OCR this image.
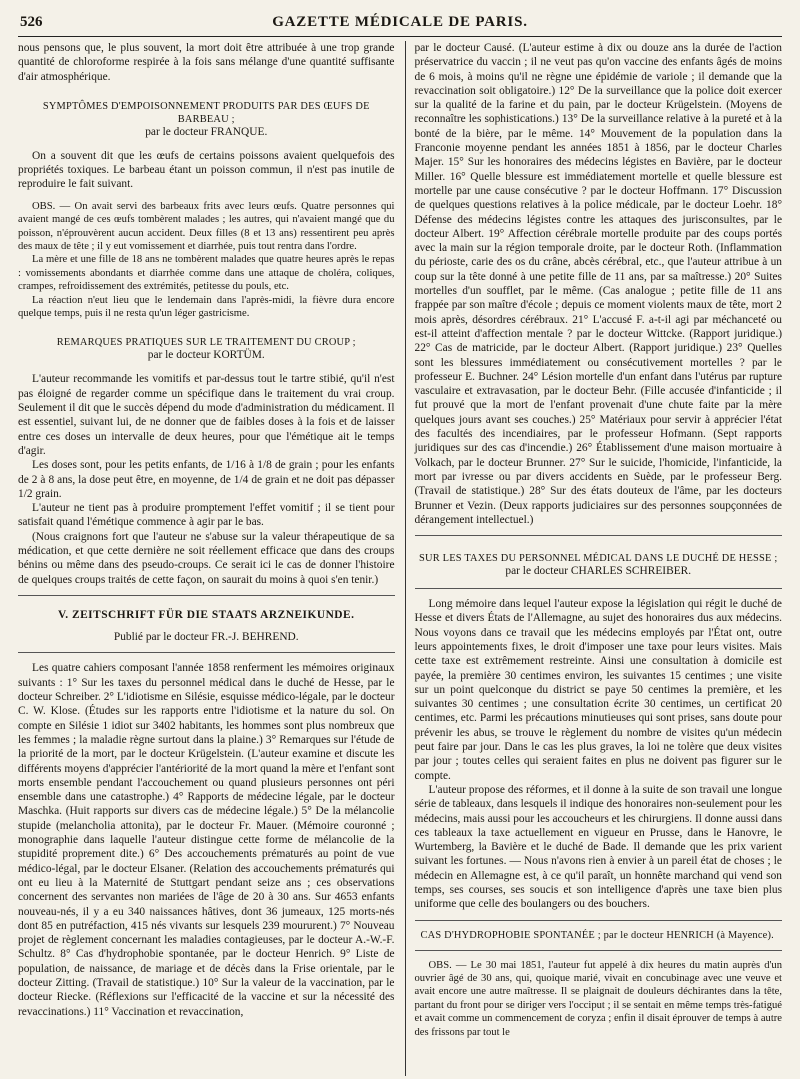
526	GAZETTE MÉDICALE DE PARIS.

nous pensons que, le plus souvent, la mort doit être attribuée à une trop grande quantité de chloroforme respirée à la fois sans mélange d'une quantité suffisante d'air atmosphérique.

SYMPTÔMES D'EMPOISONNEMENT PRODUITS PAR DES ŒUFS DE BARBEAU ;
par le docteur FRANQUE.

On a souvent dit que les œufs de certains poissons avaient quelquefois des propriétés toxiques. Le barbeau étant un poisson commun, il n'est pas inutile de reproduire le fait suivant.

OBS. — On avait servi des barbeaux frits avec leurs œufs. Quatre personnes qui avaient mangé de ces œufs tombèrent malades ; les autres, qui n'avaient mangé que du poisson, n'éprouvèrent aucun accident. Deux filles (8 et 13 ans) ressentirent peu après des maux de tête ; il y eut vomissement et diarrhée, puis tout rentra dans l'ordre.

La mère et une fille de 18 ans ne tombèrent malades que quatre heures après le repas : vomissements abondants et diarrhée comme dans une attaque de choléra, coliques, crampes, refroidissement des extrémités, petitesse du pouls, etc.

La réaction n'eut lieu que le lendemain dans l'après-midi, la fièvre dura encore quelque temps, puis il ne resta qu'un léger gastricisme.

REMARQUES PRATIQUES SUR LE TRAITEMENT DU CROUP ;
par le docteur KORTÜM.

L'auteur recommande les vomitifs et par-dessus tout le tartre stibié, qu'il n'est pas éloigné de regarder comme un spécifique dans le traitement du vrai croup. Seulement il dit que le succès dépend du mode d'administration du médicament. Il est essentiel, suivant lui, de ne donner que de faibles doses à la fois et de laisser entre ces doses un intervalle de deux heures, pour que l'émétique ait le temps d'agir.

Les doses sont, pour les petits enfants, de 1/16 à 1/8 de grain ; pour les enfants de 2 à 8 ans, la dose peut être, en moyenne, de 1/4 de grain et ne doit pas dépasser 1/2 grain.

L'auteur ne tient pas à produire promptement l'effet vomitif ; il se tient pour satisfait quand l'émétique commence à agir par le bas.

(Nous craignons fort que l'auteur ne s'abuse sur la valeur thérapeutique de sa médication, et que cette dernière ne soit réellement efficace que dans des croups bénins ou même dans des pseudo-croups. Ce serait ici le cas de donner l'histoire de quelques croups traités de cette façon, on saurait du moins à quoi s'en tenir.)

V. ZEITSCHRIFT FÜR DIE STAATS ARZNEIKUNDE.
Publié par le docteur FR.-J. BEHREND.

Les quatre cahiers composant l'année 1858 renferment les mémoires originaux suivants : 1° Sur les taxes du personnel médical dans le duché de Hesse, par le docteur Schreiber. 2° L'idiotisme en Silésie, esquisse médico-légale, par le docteur C. W. Klose. (Études sur les rapports entre l'idiotisme et la nature du sol. On compte en Silésie 1 idiot sur 3402 habitants, les hommes sont plus nombreux que les femmes ; la maladie règne surtout dans la plaine.) 3° Remarques sur l'étude de la priorité de la mort, par le docteur Krügelstein. (L'auteur examine et discute les différents moyens d'apprécier l'antériorité de la mort quand la mère et l'enfant sont morts ensemble pendant l'accouchement ou quand plusieurs personnes ont péri ensemble dans une catastrophe.) 4° Rapports de médecine légale, par le docteur Maschka. (Huit rapports sur divers cas de médecine légale.) 5° De la mélancolie stupide (melancholia attonita), par le docteur Fr. Mauer. (Mémoire couronné ; monographie dans laquelle l'auteur distingue cette forme de mélancolie de la stupidité proprement dite.) 6° Des accouchements prématurés au point de vue médico-légal, par le docteur Elsaner. (Relation des accouchements prématurés qui ont eu lieu à la Maternité de Stuttgart pendant seize ans ; ces observations concernent des servantes non mariées de l'âge de 20 à 30 ans. Sur 4653 enfants nouveau-nés, il y a eu 340 naissances hâtives, dont 36 jumeaux, 125 morts-nés dont 85 en putréfaction, 415 nés vivants sur lesquels 239 moururent.) 7° Nouveau projet de règlement concernant les maladies contagieuses, par le docteur A.-W.-F. Schultz. 8° Cas d'hydrophobie spontanée, par le docteur Henrich. 9° Liste de population, de naissance, de mariage et de décès dans la Frise orientale, par le docteur Zitting. (Travail de statistique.) 10° Sur la valeur de la vaccination, par le docteur Riecke. (Réflexions sur l'efficacité de la vaccine et sur la nécessité des revaccinations.) 11° Vaccination et revaccination,

par le docteur Causé. (L'auteur estime à dix ou douze ans la durée de l'action préservatrice du vaccin ; il ne veut pas qu'on vaccine des enfants âgés de moins de 6 mois, à moins qu'il ne règne une épidémie de variole ; il demande que la revaccination soit obligatoire.) 12° De la surveillance que la police doit exercer sur la qualité de la farine et du pain, par le docteur Krügelstein. (Moyens de reconnaître les sophistications.) 13° De la surveillance relative à la pureté et à la bonté de la bière, par le même. 14° Mouvement de la population dans la Franconie moyenne pendant les années 1851 à 1856, par le docteur Charles Majer. 15° Sur les honoraires des médecins légistes en Bavière, par le docteur Miller. 16° Quelle blessure est immédiatement mortelle et quelle blessure est mortelle par une cause consécutive ? par le docteur Hoffmann. 17° Discussion de quelques questions relatives à la police médicale, par le docteur Loehr. 18° Défense des médecins légistes contre les attaques des jurisconsultes, par le docteur Albert. 19° Affection cérébrale mortelle produite par des coups portés avec la main sur la région temporale droite, par le docteur Roth. (Inflammation du périoste, carie des os du crâne, abcès cérébral, etc., que l'auteur attribue à un coup sur la tête donné à une petite fille de 11 ans, par sa maîtresse.) 20° Suites mortelles d'un soufflet, par le même. (Cas analogue ; petite fille de 11 ans frappée par son maître d'école ; depuis ce moment violents maux de tête, mort 2 mois après, désordres cérébraux. 21° L'accusé F. a-t-il agi par méchanceté ou est-il atteint d'affection mentale ? par le docteur Wittcke. (Rapport juridique.) 22° Cas de matricide, par le docteur Albert. (Rapport juridique.) 23° Quelles sont les blessures immédiatement ou consécutivement mortelles ? par le professeur E. Buchner. 24° Lésion mortelle d'un enfant dans l'utérus par rupture vasculaire et extravasation, par le docteur Behr. (Fille accusée d'infanticide ; il fut prouvé que la mort de l'enfant provenait d'une chute faite par la mère quelques jours avant ses couches.) 25° Matériaux pour servir à apprécier l'état des facultés des incendiaires, par le professeur Hofmann. (Sept rapports juridiques sur des cas d'incendie.) 26° Établissement d'une maison mortuaire à Volkach, par le docteur Brunner. 27° Sur le suicide, l'homicide, l'infanticide, la mort par ivresse ou par divers accidents en Suède, par le professeur Berg. (Travail de statistique.) 28° Sur des états douteux de l'âme, par les docteurs Brunner et Vezin. (Deux rapports judiciaires sur des personnes soupçonnées de dérangement intellectuel.)

SUR LES TAXES DU PERSONNEL MÉDICAL DANS LE DUCHÉ DE HESSE ;
par le docteur CHARLES SCHREIBER.

Long mémoire dans lequel l'auteur expose la législation qui régit le duché de Hesse et divers États de l'Allemagne, au sujet des honoraires dus aux médecins. Nous voyons dans ce travail que les médecins employés par l'État ont, outre leurs appointements fixes, le droit d'imposer une taxe pour leurs visites. Mais cette taxe est extrêmement restreinte. Ainsi une consultation à domicile est payée, la première 30 centimes environ, les suivantes 15 centimes ; une visite sur un point quelconque du district se paye 50 centimes la première, et les suivantes 30 centimes ; une consultation écrite 30 centimes, un certificat 20 centimes, etc. Parmi les précautions minutieuses qui sont prises, sans doute pour prévenir les abus, se trouve le règlement du nombre de visites qu'un médecin peut faire par jour. Dans le cas les plus graves, la loi ne tolère que deux visites par jour ; toutes celles qui seraient faites en plus ne doivent pas figurer sur le compte.

L'auteur propose des réformes, et il donne à la suite de son travail une longue série de tableaux, dans lesquels il indique des honoraires non-seulement pour les médecins, mais aussi pour les accoucheurs et les chirurgiens. Il donne aussi dans ces tableaux la taxe actuellement en vigueur en Prusse, dans le Hanovre, le Wurtemberg, la Bavière et le duché de Bade. Il demande que les prix varient suivant les fortunes. — Nous n'avons rien à envier à un pareil état de choses ; le médecin en Allemagne est, à ce qu'il paraît, un honnête marchand qui vend son temps, ses courses, ses soucis et son intelligence d'après une taxe bien plus uniforme que celle des boulangers ou des bouchers.

CAS D'HYDROPHOBIE SPONTANÉE ; par le docteur HENRICH (à Mayence).

OBS. — Le 30 mai 1851, l'auteur fut appelé à dix heures du matin auprès d'un ouvrier âgé de 30 ans, qui, quoique marié, vivait en concubinage avec une veuve et avait encore une autre maîtresse. Il se plaignait de douleurs déchirantes dans la tête, partant du front pour se diriger vers l'occiput ; il se sentait en même temps très-fatigué et avait comme un commencement de coryza ; enfin il disait éprouver de temps à autre des frissons par tout le
